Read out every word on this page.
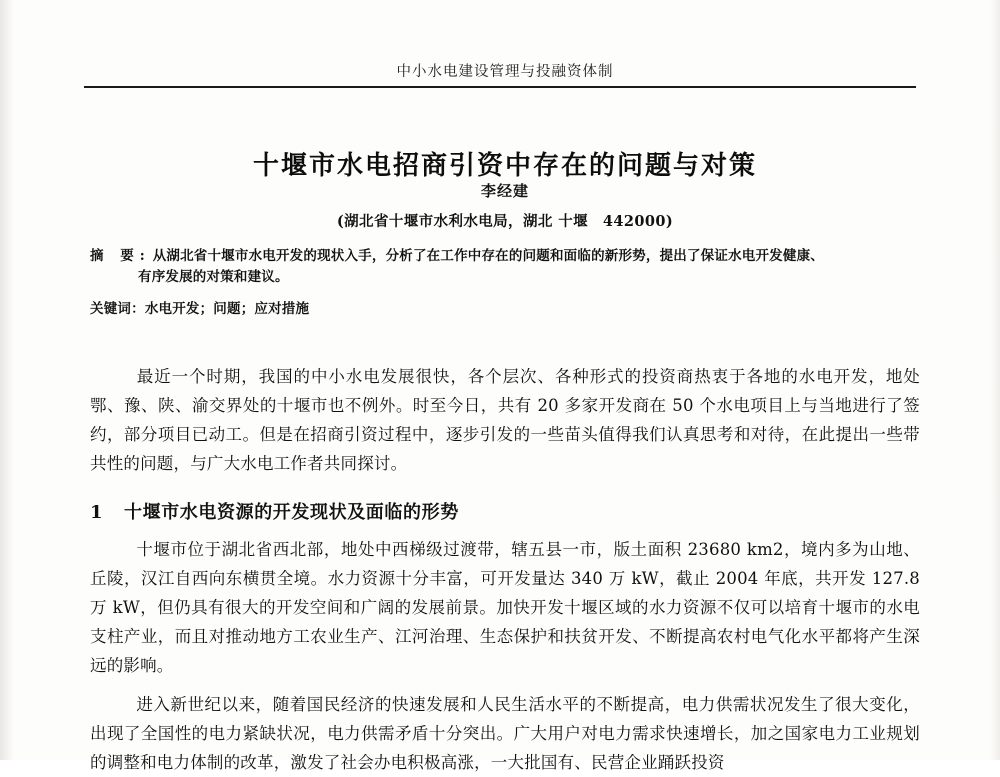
中小水电建设管理与投融资体制
十堰市水电招商引资中存在的问题与对策
李经建
(湖北省十堰市水利水电局，湖北 十堰　442000)
摘 要: 从湖北省十堰市水电开发的现状入手，分析了在工作中存在的问题和面临的新形势，提出了保证水电开发健康、
有序发展的对策和建议。
关键词：水电开发；问题；应对措施

最近一个时期，我国的中小水电发展很快，各个层次、各种形式的投资商热衷于各地的水电开发，地处鄂、豫、陕、渝交界处的十堰市也不例外。时至今日，共有 20 多家开发商在 50 个水电项目上与当地进行了签约，部分项目已动工。但是在招商引资过程中，逐步引发的一些苗头值得我们认真思考和对待，在此提出一些带共性的问题，与广大水电工作者共同探讨。

1 十堰市水电资源的开发现状及面临的形势

十堰市位于湖北省西北部，地处中西梯级过渡带，辖五县一市，版土面积 23680 km2，境内多为山地、丘陵，汉江自西向东横贯全境。水力资源十分丰富，可开发量达 340 万 kW，截止 2004 年底，共开发 127.8 万 kW，但仍具有很大的开发空间和广阔的发展前景。加快开发十堰区域的水力资源不仅可以培育十堰市的水电支柱产业，而且对推动地方工农业生产、江河治理、生态保护和扶贫开发、不断提高农村电气化水平都将产生深远的影响。

进入新世纪以来，随着国民经济的快速发展和人民生活水平的不断提高，电力供需状况发生了很大变化，出现了全国性的电力紧缺状况，电力供需矛盾十分突出。广大用户对电力需求快速增长，加之国家电力工业规划的调整和电力体制的改革，激发了社会办电积极高涨，一大批国有、民营企业踊跃投资
